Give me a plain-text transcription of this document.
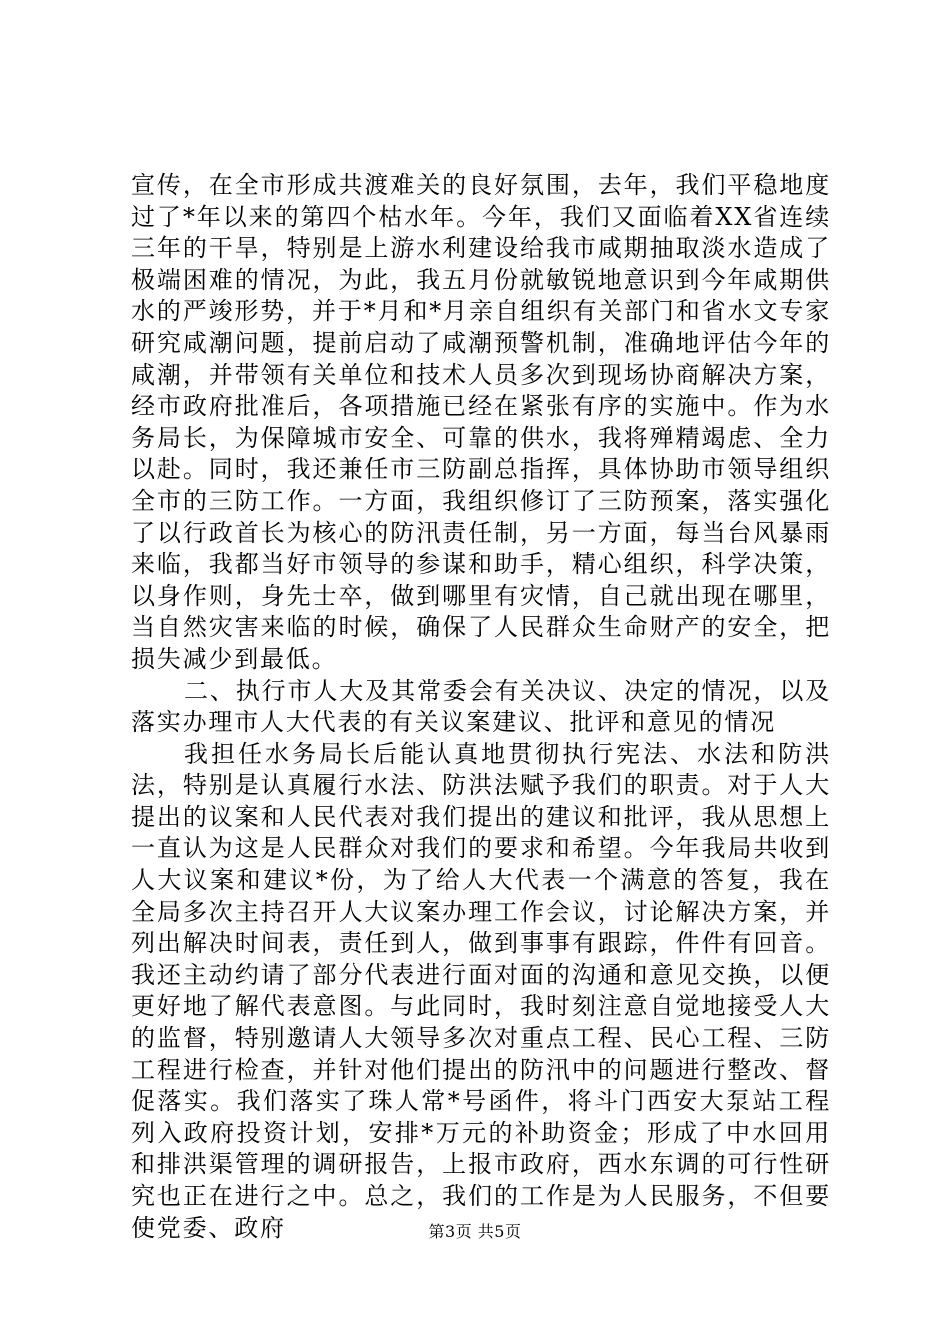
宣传，在全市形成共渡难关的良好氛围，去年，我们平稳地度过了*年以来的第四个枯水年。今年，我们又面临着XX省连续三年的干旱，特别是上游水利建设给我市咸期抽取淡水造成了极端困难的情况，为此，我五月份就敏锐地意识到今年咸期供水的严竣形势，并于*月和*月亲自组织有关部门和省水文专家研究咸潮问题，提前启动了咸潮预警机制，准确地评估今年的咸潮，并带领有关单位和技术人员多次到现场协商解决方案，经市政府批准后，各项措施已经在紧张有序的实施中。作为水务局长，为保障城市安全、可靠的供水，我将殚精竭虑、全力以赴。同时，我还兼任市三防副总指挥，具体协助市领导组织全市的三防工作。一方面，我组织修订了三防预案，落实强化了以行政首长为核心的防汛责任制，另一方面，每当台风暴雨来临，我都当好市领导的参谋和助手，精心组织，科学决策，以身作则，身先士卒，做到哪里有灾情，自己就出现在哪里，当自然灾害来临的时候，确保了人民群众生命财产的安全，把损失减少到最低。

二、执行市人大及其常委会有关决议、决定的情况，以及落实办理市人大代表的有关议案建议、批评和意见的情况

我担任水务局长后能认真地贯彻执行宪法、水法和防洪法，特别是认真履行水法、防洪法赋予我们的职责。对于人大提出的议案和人民代表对我们提出的建议和批评，我从思想上一直认为这是人民群众对我们的要求和希望。今年我局共收到人大议案和建议*份，为了给人大代表一个满意的答复，我在全局多次主持召开人大议案办理工作会议，讨论解决方案，并列出解决时间表，责任到人，做到事事有跟踪，件件有回音。我还主动约请了部分代表进行面对面的沟通和意见交换，以便更好地了解代表意图。与此同时，我时刻注意自觉地接受人大的监督，特别邀请人大领导多次对重点工程、民心工程、三防工程进行检查，并针对他们提出的防汛中的问题进行整改、督促落实。我们落实了珠人常*号函件，将斗门西安大泵站工程列入政府投资计划，安排*万元的补助资金；形成了中水回用和排洪渠管理的调研报告，上报市政府，西水东调的可行性研究也正在进行之中。总之，我们的工作是为人民服务，不但要使党委、政府	第3页 共5页
